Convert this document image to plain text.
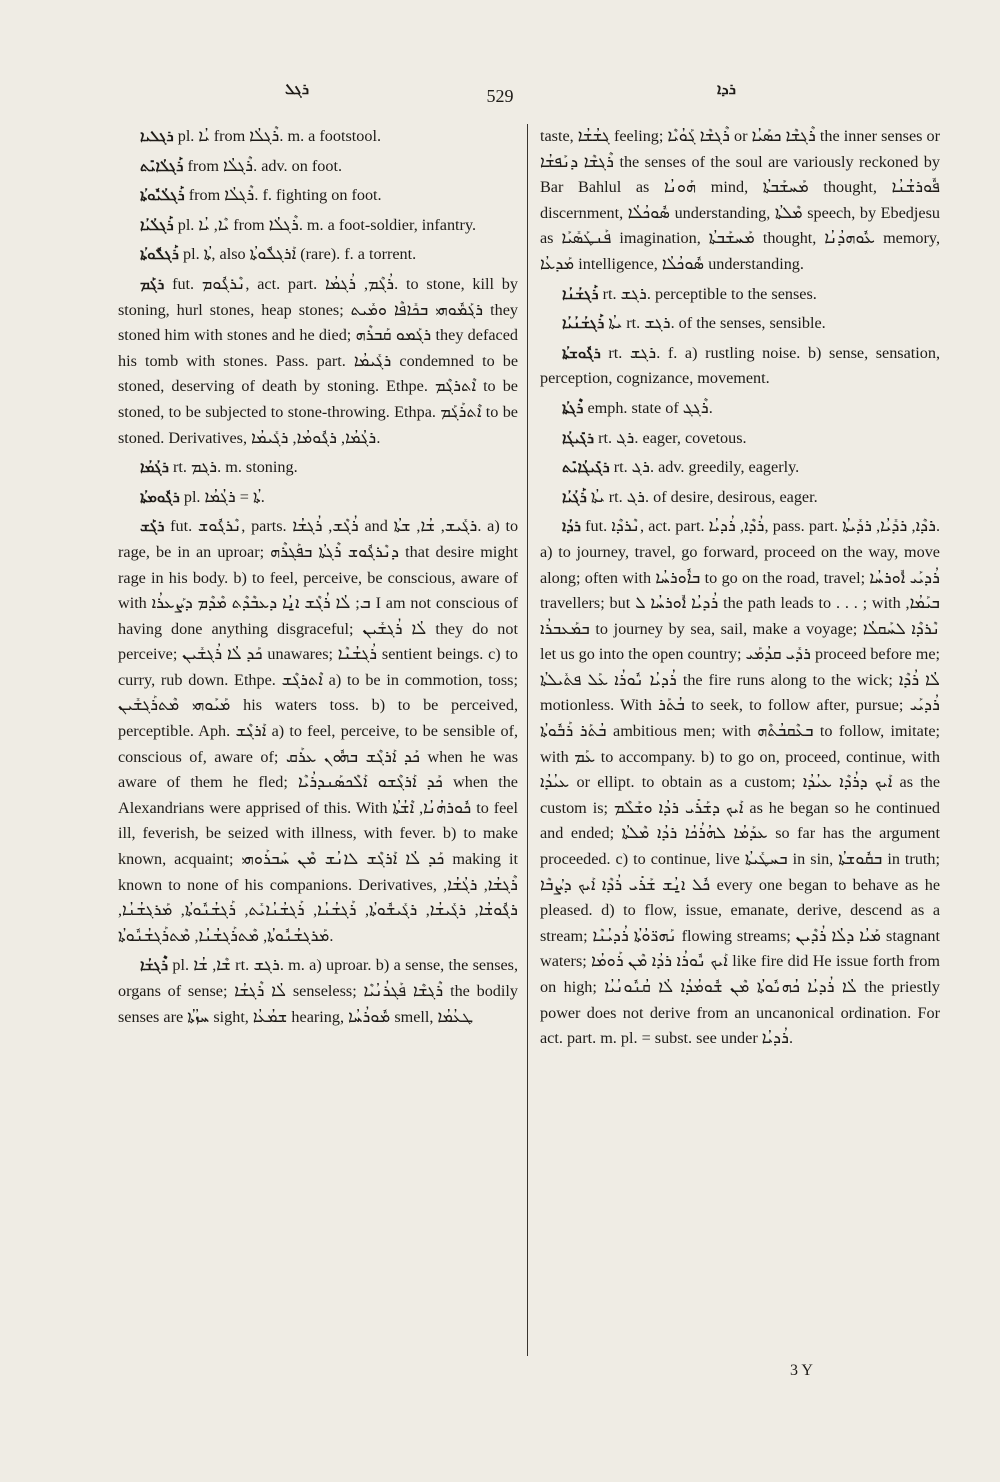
ܪܓܠ	529	ܪܕܐ

ܪܓܠܝܐ pl. ܝܳܐ from ܪܶܓܠܳܐ. m. a footstool.

ܪܰܓܠܳܐܝܺܬ from ܪܶܓܠܳܐ. adv. on foot.

ܪܰܓܠܳܝܽܘܬܳܐ from ܪܶܓܠܳܐ. f. fighting on foot.

ܪܰܓܠܳܝܳܐ pl. ܝܶܐ, ܝܳܐ from ܪܶܓܠܳܐ. m. a foot-soldier, infantry.

ܪܰܓܠܽܘܬܳܐ pl. ܬܳܐ, also ܐܰܪܓܠܽܘܬܳܐ (rare). f. a torrent.

ܪܓܰܡ fut. ܢܶܪܓܽܘܡ, act. part. ܪܳܓܶܡ, ܪܳܓܡܳܐ. to stone, kill by stoning, hurl stones, heap stones; ܪܓܰܡܽܘܗܝ ܒܟܺܐܦܶܐ ܘܡܺܝܬ they stoned him with stones and he died; ܪܓܰܡܘ ܩܰܒܪܶܗ they defaced his tomb with stones. Pass. part. ܪܓܺܝܡܳܐ condemned to be stoned, deserving of death by stoning. Ethpe. ܐܶܬܪܓܶܡ to be stoned, to be subjected to stone-throwing. Ethpa. ܐܶܬܪܰܓܰܡ to be stoned. Derivatives, ܪܓܳܡܳܐ, ܪܓܽܘܡܳܐ, ܪܓܺܝܡܳܐ.

ܪܓܳܡܳܐ rt. ܪܓܡ. m. stoning.

ܪܓܽܘܡܬܳܐ pl. ܬܳܐ = ܪܓܳܡܳܐ.

ܪܓܰܫ fut. ܢܶܪܓܽܘܫ, parts. ܪܳܓܶܫ, ܪܳܓܫܳܐ and ܪܓܺܝܫ, ܫܳܐ, ܫܬܳܐ. a) to rage, be in an uproar; ܕܢܶܪܓܽܘܫ ܪܶܓܬܳܐ ܒܦܰܓܪܶܗ that desire might rage in his body. b) to feel, perceive, be conscious, aware of with ܒ; ܠܳܐ ܪܳܓܶܫ ܐ̱ܢܳܐ ܕܥܒܶܕܶܬ ܡܶܕܶܡ ܕܨܰܥܪܳܐ I am not conscious of having done anything disgraceful; ܠܳܐ ܪܳܓܫܺܝܢ they do not perceive; ܟܰܕ ܠܳܐ ܪܳܓܫܺܝܢ unawares; ܪܳܓܫܳܢܶܐ sentient beings. c) to curry, rub down. Ethpe. ܐܶܬܪܓܶܫ a) to be in commotion, toss; ܡܰܝܰܘܗܝ ܡܶܬܪܰܓܫܺܝܢ his waters toss. b) to be perceived, perceptible. Aph. ܐܰܪܓܶܫ a) to feel, perceive, to be sensible of, conscious of, aware of; ܟܰܕ ܐܰܪܓܶܫ ܒܗܽܘܢ ܥܪܰܩ when he was aware of them he fled; ܟܰܕ ܐܰܪܓܶܫܘ ܐܰܠܶܟܣܰܢܕܪܳܝܶܐ when the Alexandrians were apprised of this. With ܟܽܘܪܗܳܢܳܐ, ܐܶܫܳܬܳܐ to feel ill, feverish, be seized with illness, with fever. b) to make known, acquaint; ܟܰܕ ܠܳܐ ܐܰܪܓܶܫ ܠܐܢܳܫ ܡܶܢ ܚܰܒܪܰܘܗܝ making it known to none of his companions. Derivatives, ܪܶܓܫܳܐ, ܪܓܳܫܳܐ, ܪܓܽܘܫܳܐ, ܪܓܺܝܫܳܐ, ܪܓܺܝܫܽܘܬܳܐ, ܪܰܓܫܳܢܳܐ, ܪܰܓܫܳܢܳܐܝܺܬ, ܪܰܓܫܳܢܽܘܬܳܐ, ܡܰܪܓܫܳܢܳܐ, ܡܰܪܓܫܳܢܽܘܬܳܐ, ܡܶܬܪܰܓܫܳܢܳܐ, ܡܶܬܪܰܓܫܳܢܽܘܬܳܐ.

ܪܶܓܫܳܐ pl. ܫܶܐ, ܫܳܐ rt. ܪܓܫ. m. a) uproar. b) a sense, the senses, organs of sense; ܠܳܐ ܪܶܓܫܳܐ senseless; ܪܶܓܫܶܐ ܦܰܓܪܳܢܳܝܶܐ the bodily senses are ܚܙܳܬܳܐ sight, ܫܡܳܥܳܐ hearing, ܡܽܘܪܳܚܳܐ smell, ܛܥܳܡܳܐ

taste, ܓܫܳܫܳܐ feeling; ܪܶܓܫܶܐ ܓܰܘܳܝܶܐ or ܪܶܓܫܶܐ ܟܣܰܝܳܐ the inner senses or ܪܶܓܫܶܐ ܕܢܰܦܫܳܐ the senses of the soul are variously reckoned by Bar Bahlul as ܗܰܘܢܳܐ mind, ܡܰܚܫܰܒܬܳܐ thought, ܦܽܘܪܫܳܢܳܐ discernment, ܣܽܘܟܳܠܳܐ understanding, ܡܶܠܬܳܐ speech, by Ebedjesu as ܦܰܢܛܰܣܺܝܰܐ imagination, ܡܰܚܫܰܒܬܳܐ thought, ܥܽܘܗܕܳܢܳܐ memory, ܡܰܕܥܳܐ intelligence, ܣܽܘܟܳܠܳܐ understanding.

ܪܰܓܫܳܢܳܐ rt. ܪܓܫ. perceptible to the senses.

ܪܰܓܫܳܢܳܝܳܐ ܝܬܳܐ rt. ܪܓܫ. of the senses, sensible.

ܪܓܽܘܫܬܳܐ rt. ܪܓܫ. f. a) rustling noise. b) sense, sensation, perception, cognizance, movement.

ܪܶܓܬܳܐ emph. state of ܪܶܓܓ.

ܪܓܺܝܓܳܐ rt. ܪܓ. eager, covetous.

ܪܓܺܝܓܳܐܝܺܬ rt. ܪܓ. adv. greedily, eagerly.

ܪܰܓܳܝܳܐ ܝܬܳܐ rt. ܪܓ. of desire, desirous, eager.

ܪܕܳܐ fut. ܢܶܪܕܶܐ, act. part. ܪܳܕܶܐ, ܪܳܕܝܳܐ, pass. part. ܪܕܶܐ, ܪܕܺܝܳܐ, ܪܕܺܝܬܳܐ. a) to journey, travel, go forward, proceed on the way, move along; often with ܒܐܽܘܪܚܳܐ to go on the road, travel; ܪܳܕܝܰܝ ܐܽܘܪܚܳܐ travellers; but ܪܳܕܝܳܐ ܐܽܘܪܚܳܐ ܠ the path leads to . . . ; with ܒܝܰܡܳܐ, ܒܡܰܥܒܪܳܐ to journey by sea, sail, make a voyage; ܢܶܪܕܶܐ ܠܚܰܩܠܳܐ let us go into the open country; ܪܕܺܝ ܩܕܳܡܰܝ proceed before me; ܪܳܕܝܳܐ ܢܽܘܪܳܐ ܥܰܠ ܦܬܺܝܠܬܳܐ the fire runs along to the wick; ܠܳܐ ܪܳܕܶܐ motionless. With ܒܳܬܰܪ to seek, to follow after, pursue; ܪܳܕܝܰܝ ܒܳܬܰܪ ܪܰܒܽܘܬܳܐ ambitious men; with ܒܥܶܩܒܳܬܶܗ to follow, imitate; with ܥܰܡ to accompany. b) to go on, proceed, continue, with ܥܝܳܕܳܐ or ellipt. to obtain as a custom; ܐܰܝܟ ܕܪܳܕܶܐ ܥܝܳܕܳܐ as the custom is; ܐܰܝܟ ܕܫܰܪܺܝ ܪܕܳܐ ܘܫܰܠܶܡ as he began so he continued and ended; ܥܕܰܡܳܐ ܠܗܳܪܳܟܳܐ ܪܕܳܐ ܡܶܠܬܳܐ so far has the argument proceeded. c) to continue, live ܒܚܛܺܝܬܳܐ in sin, ܒܩܽܘܫܬܳܐ in truth; ܟܽܠ ܐ̱ܢܳܫ ܫܰܪܺܝ ܪܳܕܶܐ ܐܰܝܟ ܕܨܳܒܶܐ every one began to behave as he pleased. d) to flow, issue, emanate, derive, descend as a stream; ܢܰܗܪ̈ܘܳܬܳܐ ܪܳܕܝܳܢܶܐ flowing streams; ܡܰܝܳܐ ܕܠܳܐ ܪܳܕܶܝܢ stagnant waters; ܐܰܝܟ ܢܽܘܪܳܐ ܪܕܳܐ ܡܶܢ ܪܰܘܡܳܐ like fire did He issue forth from on high; ܠܳܐ ܪܳܕܝܳܐ ܟܳܗܢܽܘܬܳܐ ܡܶܢ ܫܽܘܡܳܕܳܐ ܠܳܐ ܩܳܢܽܘܢܳܝܳܐ the priestly power does not derive from an uncanonical ordination. For act. part. m. pl. = subst. see under ܪܳܕܝܳܐ.

3 Y
